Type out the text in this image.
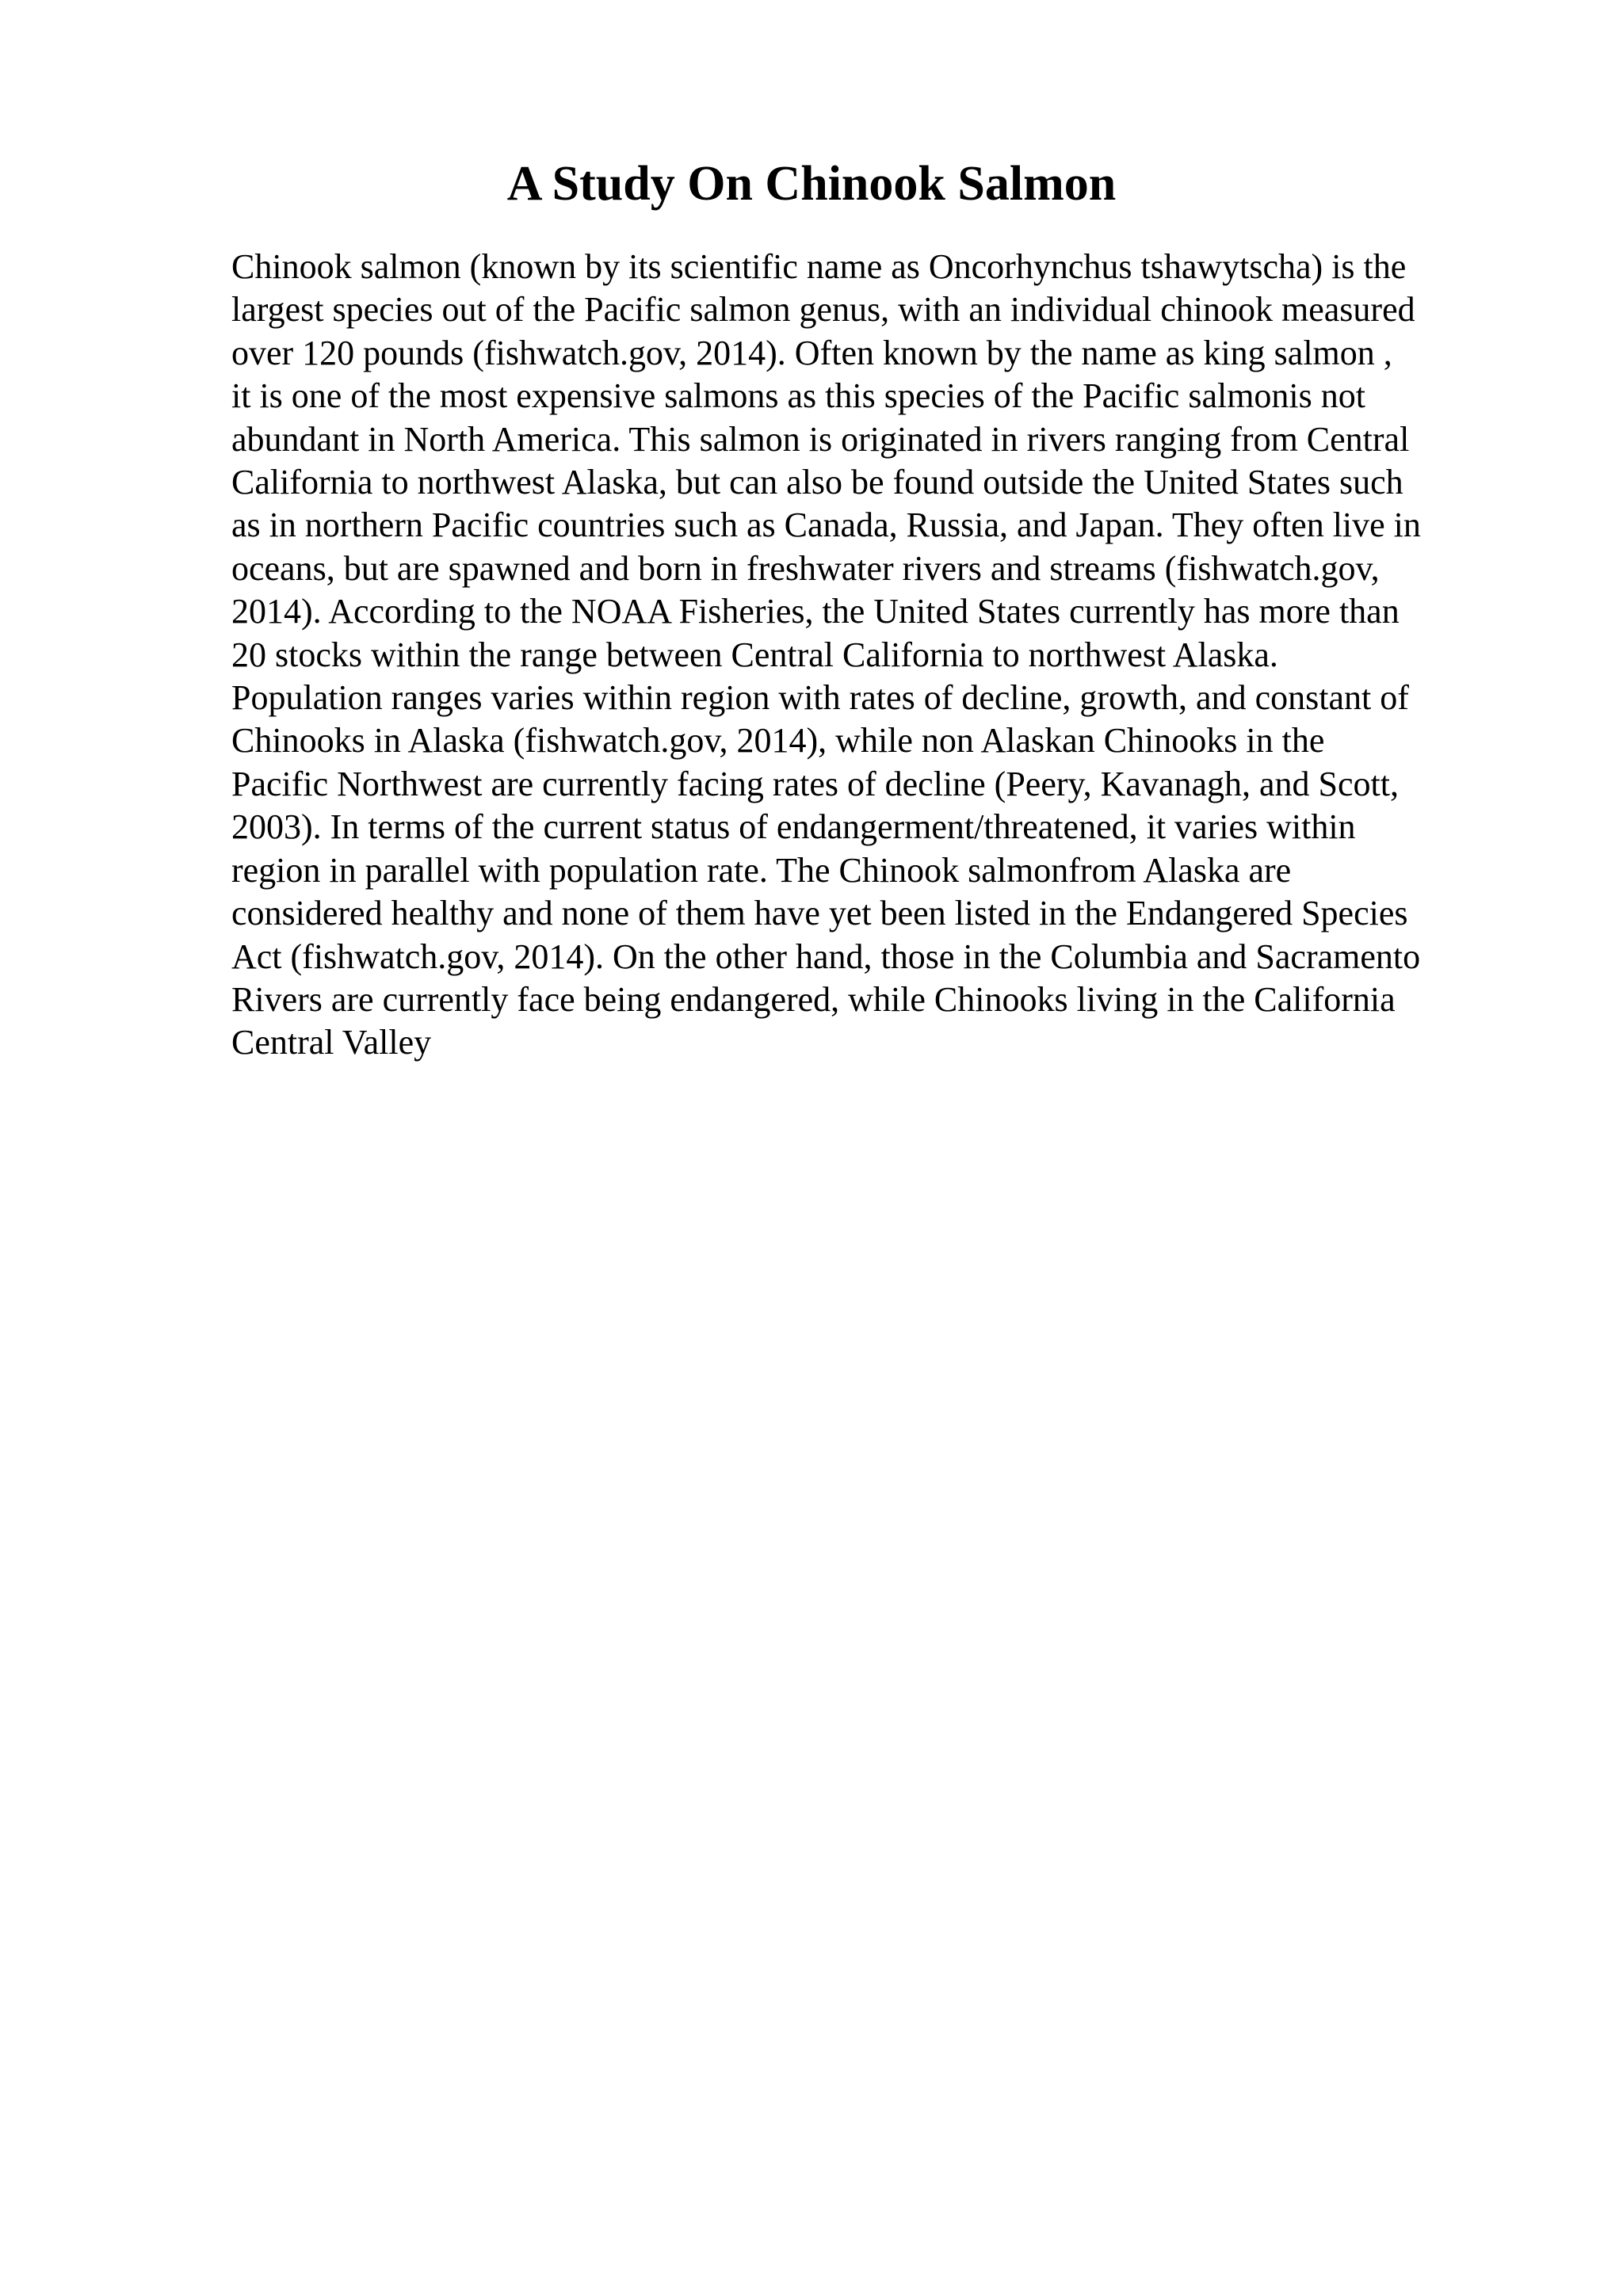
A Study On Chinook Salmon
Chinook salmon (known by its scientific name as Oncorhynchus tshawytscha) is the
largest species out of the Pacific salmon genus, with an individual chinook measured
over 120 pounds (fishwatch.gov, 2014). Often known by the name as king salmon ,
it is one of the most expensive salmons as this species of the Pacific salmonis not
abundant in North America. This salmon is originated in rivers ranging from Central
California to northwest Alaska, but can also be found outside the United States such
as in northern Pacific countries such as Canada, Russia, and Japan. They often live in
oceans, but are spawned and born in freshwater rivers and streams (fishwatch.gov,
2014). According to the NOAA Fisheries, the United States currently has more than
20 stocks within the range between Central California to northwest Alaska.
Population ranges varies within region with rates of decline, growth, and constant of
Chinooks in Alaska (fishwatch.gov, 2014), while non Alaskan Chinooks in the
Pacific Northwest are currently facing rates of decline (Peery, Kavanagh, and Scott,
2003). In terms of the current status of endangerment/threatened, it varies within
region in parallel with population rate. The Chinook salmonfrom Alaska are
considered healthy and none of them have yet been listed in the Endangered Species
Act (fishwatch.gov, 2014). On the other hand, those in the Columbia and Sacramento
Rivers are currently face being endangered, while Chinooks living in the California
Central Valley
